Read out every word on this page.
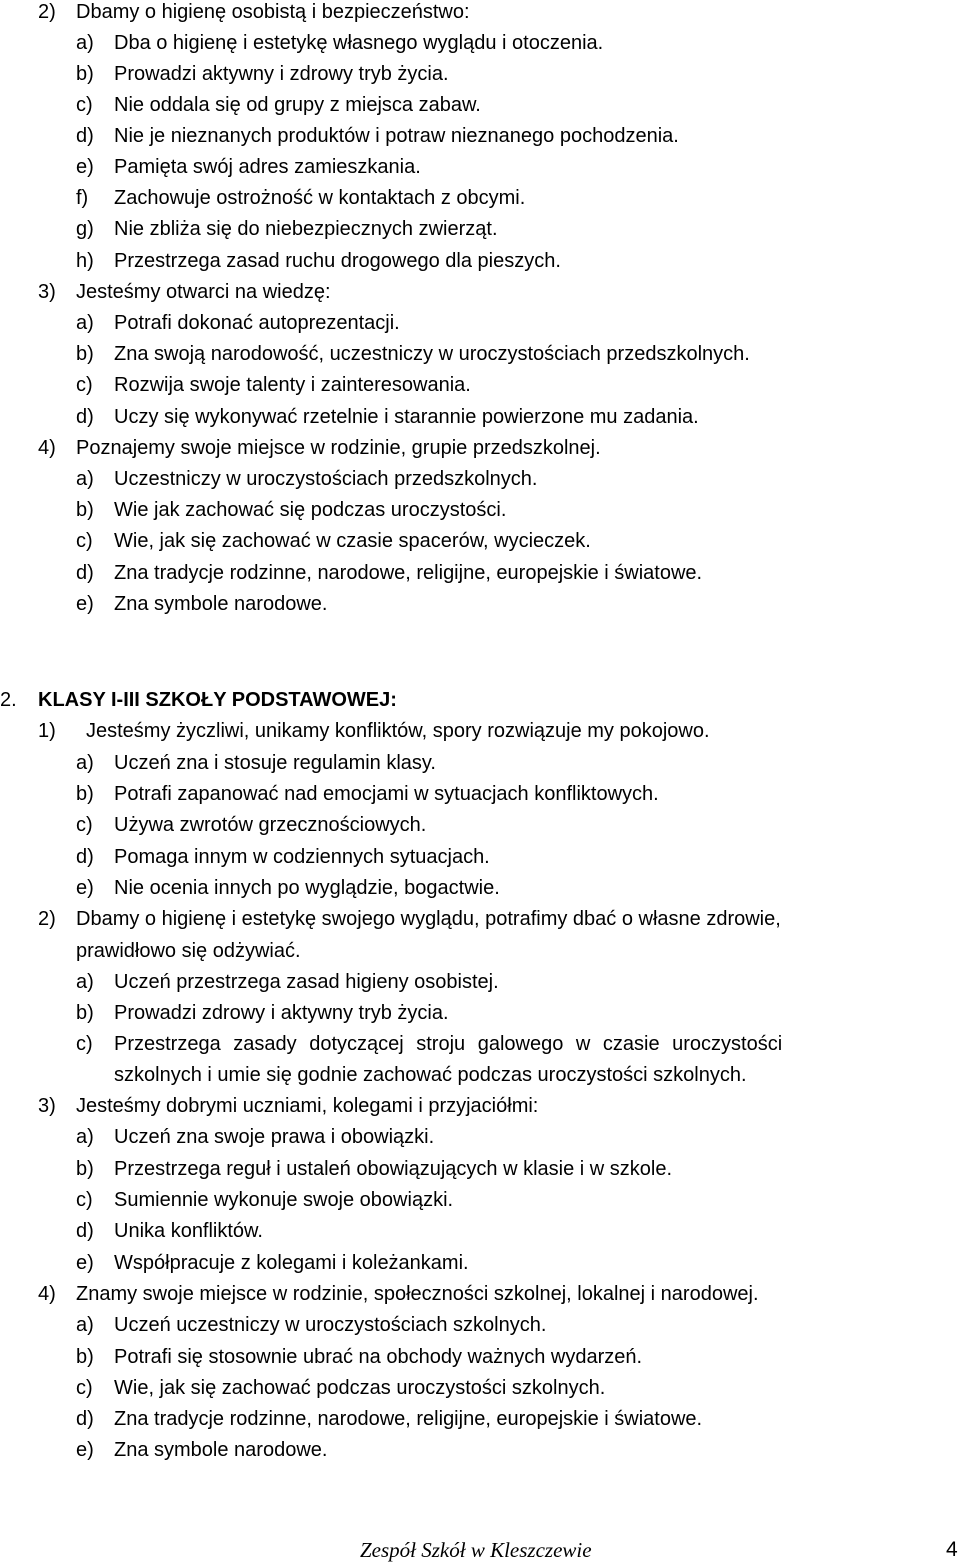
2) Dbamy o higienę osobistą i bezpieczeństwo:
a) Dba o higienę i estetykę własnego wyglądu i otoczenia.
b) Prowadzi aktywny i zdrowy tryb życia.
c) Nie oddala się od grupy z miejsca zabaw.
d) Nie je nieznanych produktów i potraw nieznanego pochodzenia.
e) Pamięta swój adres zamieszkania.
f) Zachowuje ostrożność w kontaktach z obcymi.
g) Nie zbliża się do niebezpiecznych zwierząt.
h) Przestrzega zasad ruchu drogowego dla pieszych.
3) Jesteśmy otwarci na wiedzę:
a) Potrafi dokonać autoprezentacji.
b) Zna swoją narodowość, uczestniczy w uroczystościach przedszkolnych.
c) Rozwija swoje talenty i zainteresowania.
d) Uczy się wykonywać rzetelnie i starannie powierzone mu zadania.
4) Poznajemy swoje miejsce w rodzinie, grupie przedszkolnej.
a) Uczestniczy w uroczystościach przedszkolnych.
b) Wie jak zachować się podczas uroczystości.
c) Wie, jak się zachować w czasie spacerów, wycieczek.
d) Zna tradycje rodzinne, narodowe, religijne, europejskie i światowe.
e) Zna symbole narodowe.
2. KLASY I-III SZKOŁY PODSTAWOWEJ:
1) Jesteśmy życzliwi, unikamy konfliktów, spory rozwiązuje my pokojowo.
a) Uczeń zna i stosuje regulamin klasy.
b) Potrafi zapanować nad emocjami w sytuacjach konfliktowych.
c) Używa zwrotów grzecznościowych.
d) Pomaga innym w codziennych sytuacjach.
e) Nie ocenia innych po wyglądzie, bogactwie.
2) Dbamy o higienę i estetykę swojego wyglądu, potrafimy dbać o własne zdrowie,
prawidłowo się odżywiać.
a) Uczeń przestrzega zasad higieny osobistej.
b) Prowadzi zdrowy i aktywny tryb życia.
c) Przestrzega zasady dotyczącej stroju galowego w czasie uroczystości
szkolnych i umie się godnie zachować podczas uroczystości szkolnych.
3) Jesteśmy dobrymi uczniami, kolegami i przyjaciółmi:
a) Uczeń zna swoje prawa i obowiązki.
b) Przestrzega reguł i ustaleń obowiązujących w klasie i w szkole.
c) Sumiennie wykonuje swoje obowiązki.
d) Unika konfliktów.
e) Współpracuje z kolegami i koleżankami.
4) Znamy swoje miejsce w rodzinie, społeczności szkolnej, lokalnej i narodowej.
a) Uczeń uczestniczy w uroczystościach szkolnych.
b) Potrafi się stosownie ubrać na obchody ważnych wydarzeń.
c) Wie, jak się zachować podczas uroczystości szkolnych.
d) Zna tradycje rodzinne, narodowe, religijne, europejskie i światowe.
e) Zna symbole narodowe.
Zespół Szkół w Kleszczewie	4
